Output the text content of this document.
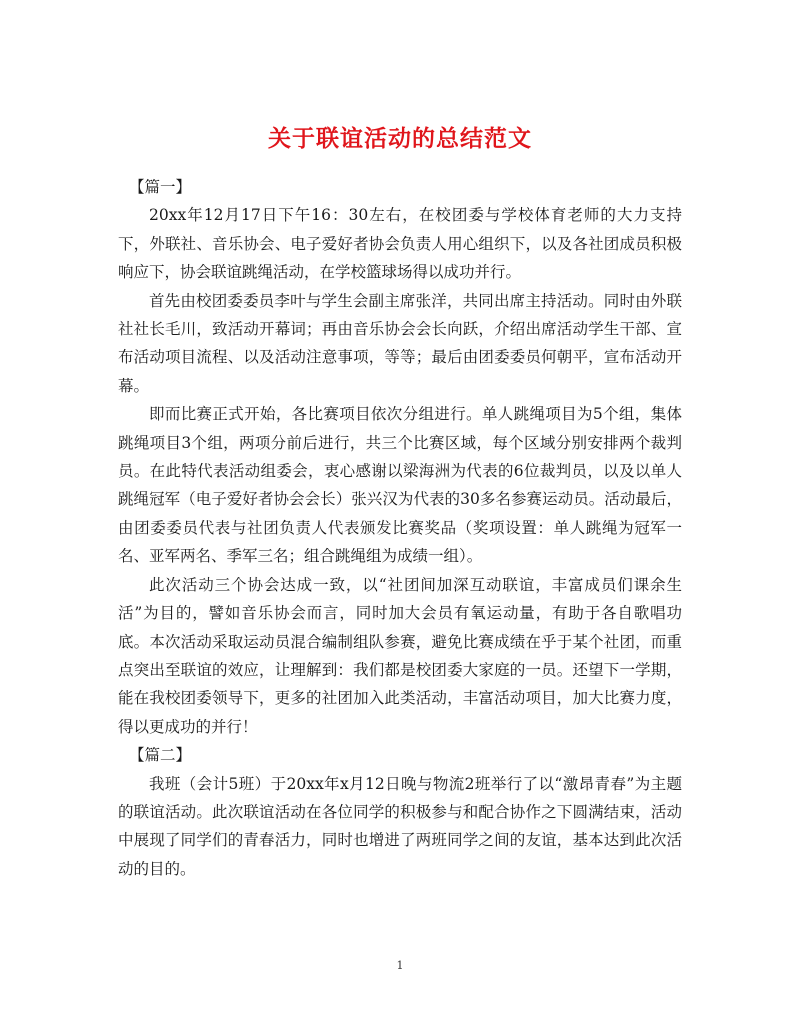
关于联谊活动的总结范文

【篇一】

20xx年12月17日下午16：30左右，在校团委与学校体育老师的大力支持下，外联社、音乐协会、电子爱好者协会负责人用心组织下，以及各社团成员积极响应下，协会联谊跳绳活动，在学校篮球场得以成功并行。

首先由校团委委员李叶与学生会副主席张洋，共同出席主持活动。同时由外联社社长毛川，致活动开幕词；再由音乐协会会长向跃，介绍出席活动学生干部、宣布活动项目流程、以及活动注意事项，等等；最后由团委委员何朝平，宣布活动开幕。

即而比赛正式开始，各比赛项目依次分组进行。单人跳绳项目为5个组，集体跳绳项目3个组，两项分前后进行，共三个比赛区域，每个区域分别安排两个裁判员。在此特代表活动组委会，衷心感谢以梁海洲为代表的6位裁判员，以及以单人跳绳冠军（电子爱好者协会会长）张兴汉为代表的30多名参赛运动员。活动最后，由团委委员代表与社团负责人代表颁发比赛奖品（奖项设置：单人跳绳为冠军一名、亚军两名、季军三名；组合跳绳组为成绩一组）。

此次活动三个协会达成一致，以“社团间加深互动联谊，丰富成员们课余生活”为目的，譬如音乐协会而言，同时加大会员有氧运动量，有助于各自歌唱功底。本次活动采取运动员混合编制组队参赛，避免比赛成绩在乎于某个社团，而重点突出至联谊的效应，让理解到：我们都是校团委大家庭的一员。还望下一学期，能在我校团委领导下，更多的社团加入此类活动，丰富活动项目，加大比赛力度，得以更成功的并行！

【篇二】

我班（会计5班）于20xx年x月12日晚与物流2班举行了以“激昂青春”为主题的联谊活动。此次联谊活动在各位同学的积极参与和配合协作之下圆满结束，活动中展现了同学们的青春活力，同时也增进了两班同学之间的友谊，基本达到此次活动的目的。

1
